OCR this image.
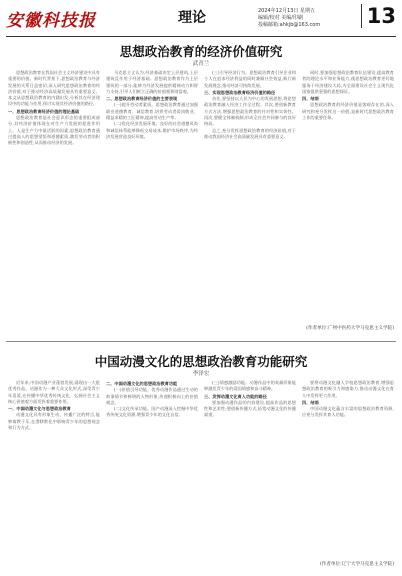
安徽科技报	理论	2024年12月13日 星期五
编辑/校对 美编/印刷
投稿邮箱:ahkjb@163.com 13
思想政治教育的经济价值研究
武青兰

思想政治教育在我国社会主义经济建设中具有重要的价值。新时代背景下,思想政治教育与经济发展的关系日益密切,深入研究思想政治教育的经济价值,对于推动经济高质量发展具有重要意义。本文从思想政治教育的内涵出发,分析其在经济建设中的功能与作用,探讨实现其经济价值的路径。

一、思想政治教育经济价值的理论基础

思想政治教育是社会意识形态的重要组成部分,其经济价值体现在对生产力发展的促进作用上。人是生产力中最活跃的因素,思想政治教育通过提高人的思想觉悟和道德素质,激发劳动者的积极性和创造性,从而推动经济的发展。

马克思主义认为,经济基础决定上层建筑,上层建筑反作用于经济基础。思想政治教育作为上层建筑的一部分,能够为经济发展提供精神动力和智力支持,引导人们树立正确的价值观和财富观。

二、思想政治教育经济价值的主要表现

(一)提升劳动者素质。思想政治教育通过加强职业道德教育、诚信教育,培养劳动者爱岗敬业、精益求精的工匠精神,提高劳动生产率。

(二)优化经济发展环境。良好的社会道德风尚和诚信体系能够降低交易成本,维护市场秩序,为经济发展营造良好环境。

(三)引导经济行为。思想政治教育引导企业和个人在追求经济利益的同时兼顾社会效益,践行新发展理念,推动经济可持续发展。

三、实现思想政治教育经济价值的路径

首先,要坚持以人民为中心的发展思想,将思想政治教育融入经济工作全过程。其次,要创新教育方式方法,增强思想政治教育的针对性和实效性。再次,要健全体制机制,形成全社会共同参与的良好格局。

总之,充分发挥思想政治教育的经济价值,对于推动我国经济社会高质量发展具有重要意义。

同时,要加强思想政治教育队伍建设,提高教育者的理论水平和业务能力,使思想政治教育更好地服务于经济建设大局,为全面建设社会主义现代化国家提供坚强的思想保证。

四、结语

思想政治教育的经济价值是客观存在的,深入研究和充分发挥这一价值,是新时代思想政治教育工作的重要任务。

(作者单位:广州中医药大学马克思主义学院)
中国动漫文化的思想政治教育功能研究
李泽宏

近年来,中国动漫产业蓬勃发展,涌现出一大批优秀作品。动漫作为一种大众文化形式,深受青少年喜爱,在传播中华优秀传统文化、弘扬社会主义核心价值观方面发挥着重要作用。

一、中国动漫文化与思想政治教育

动漫文化具有形象生动、传播广泛的特点,能够寓教于乐,在潜移默化中影响青少年的思想观念和行为方式。

二、中国动漫文化的思想政治教育功能

(一)价值引导功能。优秀动漫作品通过生动的故事情节和鲜明的人物形象,传递积极向上的价值观念。

(二)文化传承功能。国产动漫深入挖掘中华优秀传统文化资源,增强青少年的文化自信。

(三)情感激励功能。动漫作品中的英雄形象能够激发青少年的爱国情感和奋斗精神。

三、发挥动漫文化育人功能的路径

要加强动漫作品的内容建设,提高作品的思想性和艺术性;要创新传播方式,拓宽动漫文化的传播渠道。

要将动漫文化融入学校思想政治教育,增强思想政治教育的吸引力和感染力,推动动漫文化在育人中发挥更大作用。

四、结语

中国动漫文化蕴含丰富的思想政治教育资源,应充分发挥其育人功能。

(作者单位:辽宁大学马克思主义学院)
